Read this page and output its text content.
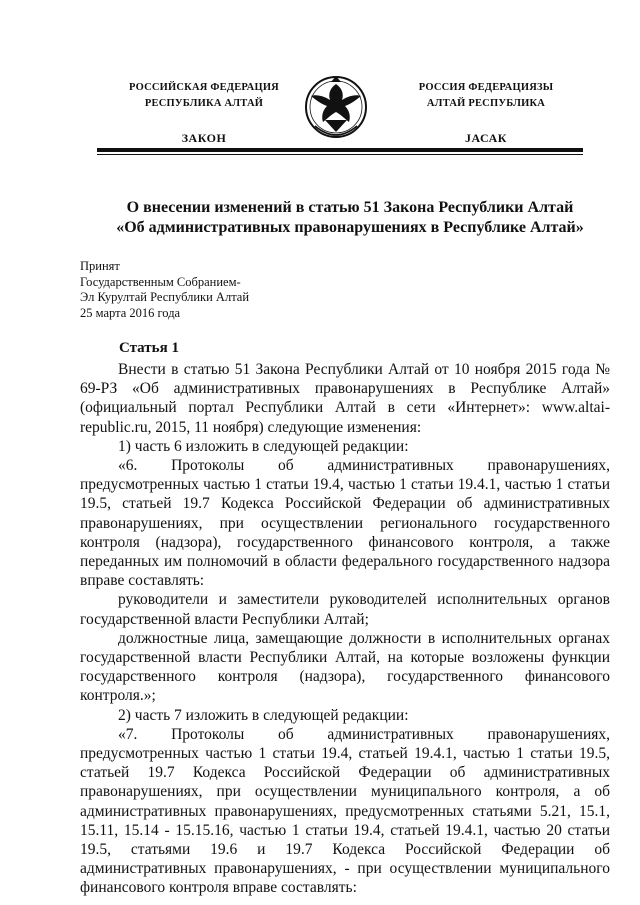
РОССИЙСКАЯ ФЕДЕРАЦИЯ
РЕСПУБЛИКА АЛТАЙ
ЗАКОН
РОССИЯ ФЕДЕРАЦИЯЗЫ
АЛТАЙ РЕСПУБЛИКА
JАСАК
О внесении изменений в статью 51 Закона Республики Алтай
«Об административных правонарушениях в Республике Алтай»
Принят
Государственным Собранием-
Эл Курултай Республики Алтай
25 марта 2016 года
Статья 1

Внести в статью 51 Закона Республики Алтай от 10 ноября 2015 года № 69-РЗ «Об административных правонарушениях в Республике Алтай» (официальный портал Республики Алтай в сети «Интернет»: www.altai-republic.ru, 2015, 11 ноября) следующие изменения:

1) часть 6 изложить в следующей редакции:

«6. Протоколы об административных правонарушениях, предусмотренных частью 1 статьи 19.4, частью 1 статьи 19.4.1, частью 1 статьи 19.5, статьей 19.7 Кодекса Российской Федерации об административных правонарушениях, при осуществлении регионального государственного контроля (надзора), государственного финансового контроля, а также переданных им полномочий в области федерального государственного надзора вправе составлять:

руководители и заместители руководителей исполнительных органов государственной власти Республики Алтай;

должностные лица, замещающие должности в исполнительных органах государственной власти Республики Алтай, на которые возложены функции государственного контроля (надзора), государственного финансового контроля.»;

2) часть 7 изложить в следующей редакции:

«7. Протоколы об административных правонарушениях, предусмотренных частью 1 статьи 19.4, статьей 19.4.1, частью 1 статьи 19.5, статьей 19.7 Кодекса Российской Федерации об административных правонарушениях, при осуществлении муниципального контроля, а об административных правонарушениях, предусмотренных статьями 5.21, 15.1, 15.11, 15.14 - 15.15.16, частью 1 статьи 19.4, статьей 19.4.1, частью 20 статьи 19.5, статьями 19.6 и 19.7 Кодекса Российской Федерации об административных правонарушениях, - при осуществлении муниципального финансового контроля вправе составлять:
